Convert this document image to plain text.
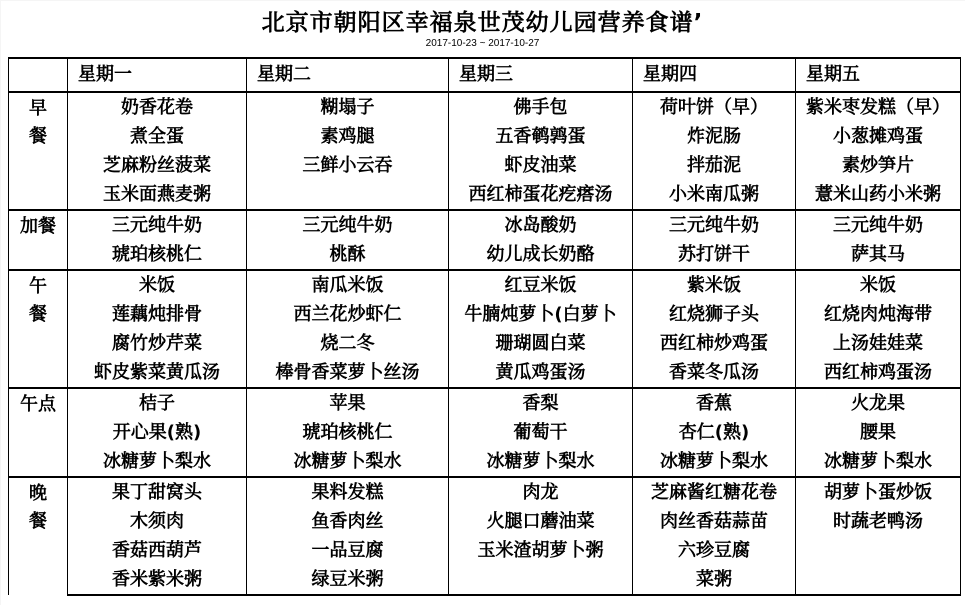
北京市朝阳区幸福泉世茂幼儿园营养食谱’
2017-10-23 ~ 2017-10-27
	星期一	星期二	星期三	星期四	星期五

早
餐	奶香花卷	糊塌子	佛手包	荷叶饼（早）	紫米枣发糕（早）
	煮全蛋	素鸡腿	五香鹌鹑蛋	炸泥肠	小葱摊鸡蛋
	芝麻粉丝菠菜	三鲜小云吞	虾皮油菜	拌茄泥	素炒笋片
	玉米面燕麦粥		西红柿蛋花疙瘩汤	小米南瓜粥	薏米山药小米粥

加餐	三元纯牛奶	三元纯牛奶	冰岛酸奶	三元纯牛奶	三元纯牛奶
	琥珀核桃仁	桃酥	幼儿成长奶酪	苏打饼干	萨其马

午
餐	米饭	南瓜米饭	红豆米饭	紫米饭	米饭
	莲藕炖排骨	西兰花炒虾仁	牛腩炖萝卜(白萝卜	红烧狮子头	红烧肉炖海带
	腐竹炒芹菜	烧二冬	珊瑚圆白菜	西红柿炒鸡蛋	上汤娃娃菜
	虾皮紫菜黄瓜汤	棒骨香菜萝卜丝汤	黄瓜鸡蛋汤	香菜冬瓜汤	西红柿鸡蛋汤

午点	桔子	苹果	香梨	香蕉	火龙果
	开心果(熟)	琥珀核桃仁	葡萄干	杏仁(熟)	腰果
	冰糖萝卜梨水	冰糖萝卜梨水	冰糖萝卜梨水	冰糖萝卜梨水	冰糖萝卜梨水

晚
餐	果丁甜窝头	果料发糕	肉龙	芝麻酱红糖花卷	胡萝卜蛋炒饭
	木须肉	鱼香肉丝	火腿口蘑油菜	肉丝香菇蒜苗	时蔬老鸭汤
	香菇西葫芦	一品豆腐	玉米渣胡萝卜粥	六珍豆腐	
	香米紫米粥	绿豆米粥		菜粥	
